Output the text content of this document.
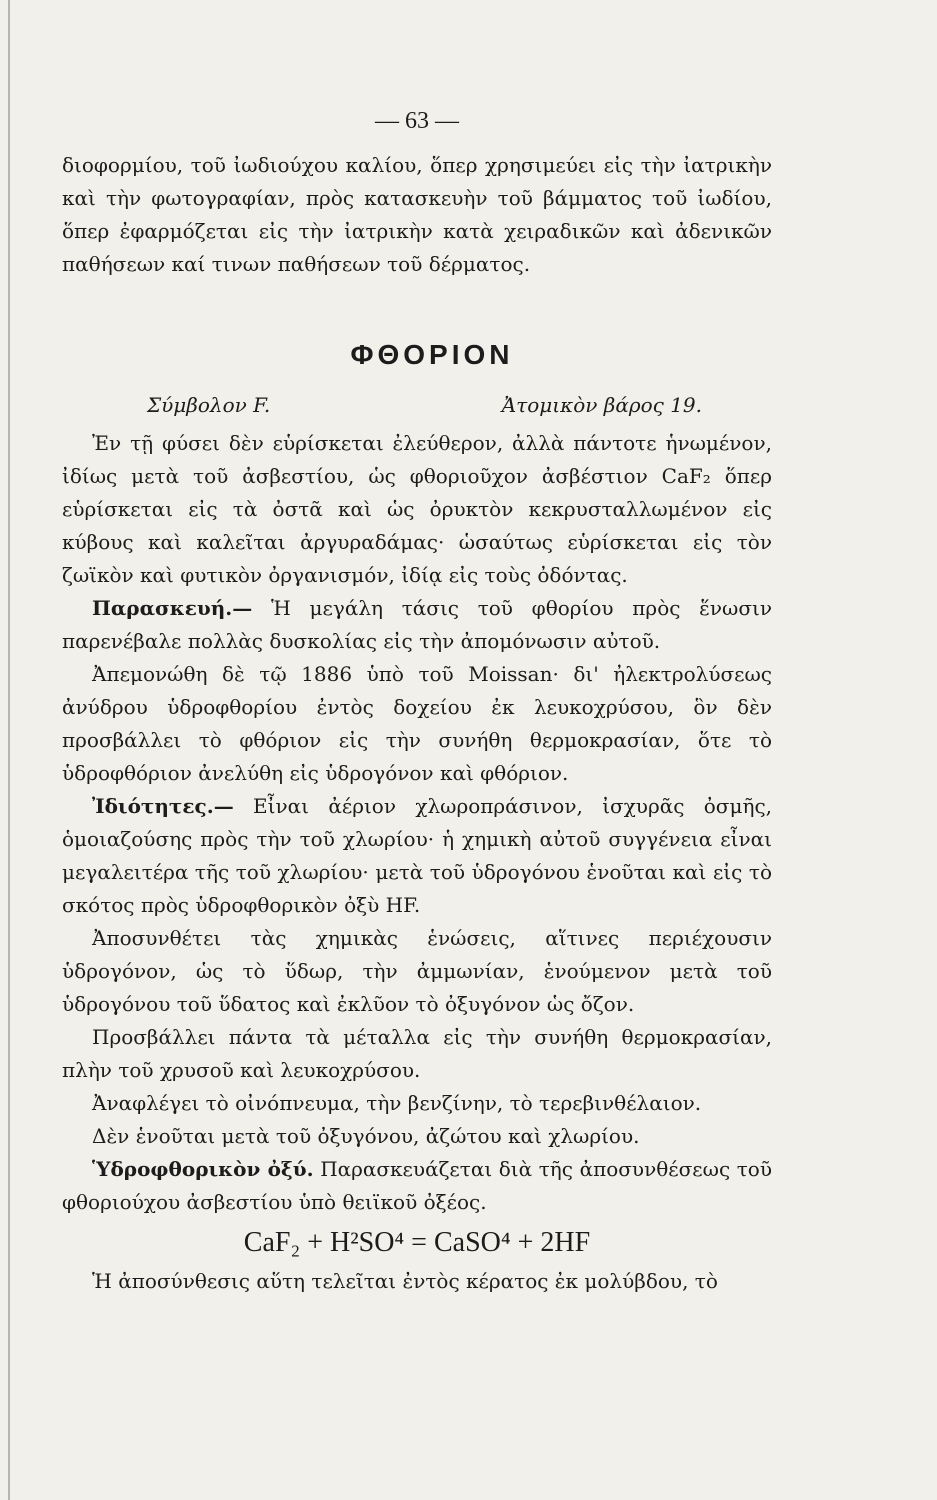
— 63 —

διοφορμίου, τοῦ ἰωδιούχου καλίου, ὅπερ χρησιμεύει εἰς τὴν ἰατρικὴν καὶ τὴν φωτογραφίαν, πρὸς κατασκευὴν τοῦ βάμματος τοῦ ἰωδίου, ὅπερ ἐφαρμόζεται εἰς τὴν ἰατρικὴν κατὰ χειραδικῶν καὶ ἀδενικῶν παθήσεων καί τινων παθήσεων τοῦ δέρματος.

ΦΘΟΡΙΟΝ
Σύμβολον F.	Ἀτομικὸν βάρος 19.

Ἐν τῇ φύσει δὲν εὑρίσκεται ἐλεύθερον, ἀλλὰ πάντοτε ἡνωμένον, ἰδίως μετὰ τοῦ ἀσβεστίου, ὡς φθοριοῦχον ἀσβέστιον CaF₂ ὅπερ εὑρίσκεται εἰς τὰ ὀστᾶ καὶ ὡς ὀρυκτὸν κεκρυσταλλωμένον εἰς κύβους καὶ καλεῖται ἀργυραδάμας· ὡσαύτως εὑρίσκεται εἰς τὸν ζωϊκὸν καὶ φυτικὸν ὀργανισμόν, ἰδίᾳ εἰς τοὺς ὀδόντας.

Παρασκευή.— Ἡ μεγάλη τάσις τοῦ φθορίου πρὸς ἕνωσιν παρενέβαλε πολλὰς δυσκολίας εἰς τὴν ἀπομόνωσιν αὐτοῦ.

Ἀπεμονώθη δὲ τῷ 1886 ὑπὸ τοῦ Moissan· δι' ἠλεκτρολύσεως ἀνύδρου ὑδροφθορίου ἐντὸς δοχείου ἐκ λευκοχρύσου, ὃν δὲν προσβάλλει τὸ φθόριον εἰς τὴν συνήθη θερμοκρασίαν, ὅτε τὸ ὑδροφθόριον ἀνελύθη εἰς ὑδρογόνον καὶ φθόριον.

Ἰδιότητες.— Εἶναι ἀέριον χλωροπράσινον, ἰσχυρᾶς ὀσμῆς, ὁμοιαζούσης πρὸς τὴν τοῦ χλωρίου· ἡ χημικὴ αὐτοῦ συγγένεια εἶναι μεγαλειτέρα τῆς τοῦ χλωρίου· μετὰ τοῦ ὑδρογόνου ἑνοῦται καὶ εἰς τὸ σκότος πρὸς ὑδροφθορικὸν ὀξὺ HF.

Ἀποσυνθέτει τὰς χημικὰς ἑνώσεις, αἵτινες περιέχουσιν ὑδρογόνον, ὡς τὸ ὕδωρ, τὴν ἀμμωνίαν, ἑνούμενον μετὰ τοῦ ὑδρογόνου τοῦ ὕδατος καὶ ἐκλῦον τὸ ὀξυγόνον ὡς ὄζον.

Προσβάλλει πάντα τὰ μέταλλα εἰς τὴν συνήθη θερμοκρασίαν, πλὴν τοῦ χρυσοῦ καὶ λευκοχρύσου.

Ἀναφλέγει τὸ οἰνόπνευμα, τὴν βενζίνην, τὸ τερεβινθέλαιον.

Δὲν ἑνοῦται μετὰ τοῦ ὀξυγόνου, ἀζώτου καὶ χλωρίου.

Ὑδροφθορικὸν ὀξύ. Παρασκευάζεται διὰ τῆς ἀποσυνθέσεως τοῦ φθοριούχου ἀσβεστίου ὑπὸ θειϊκοῦ ὀξέος.

CaF₂ + H²SO⁴ = CaSO⁴ + 2HF

Ἡ ἀποσύνθεσις αὕτη τελεῖται ἐντὸς κέρατος ἐκ μολύβδου, τὸ
